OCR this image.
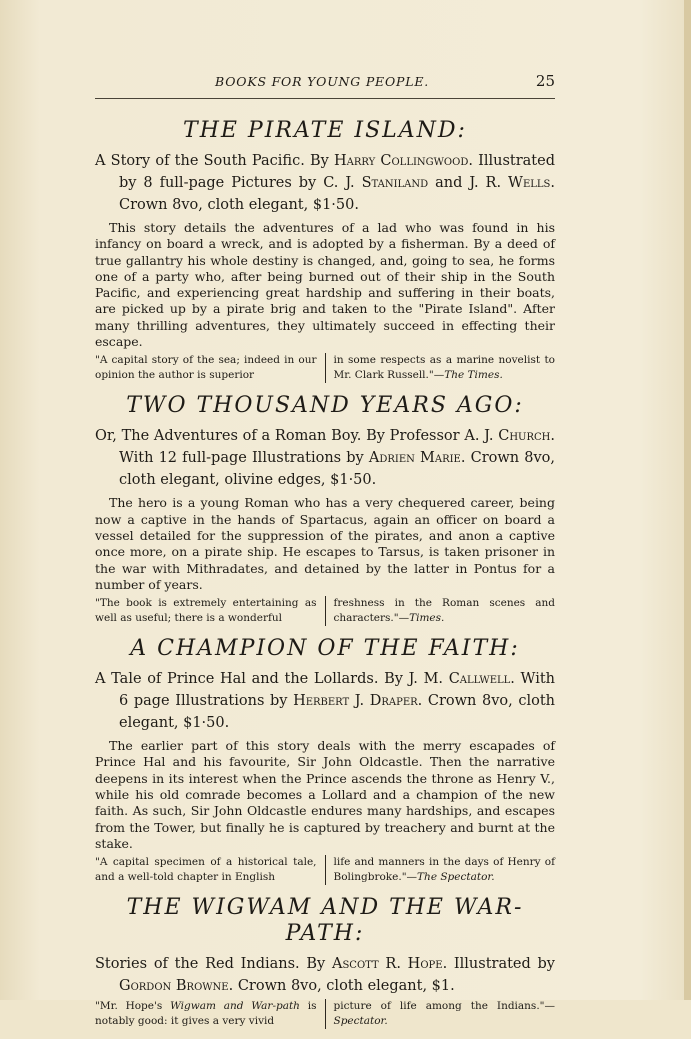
BOOKS FOR YOUNG PEOPLE.	25
THE PIRATE ISLAND:

A Story of the South Pacific. By Harry Collingwood. Illustrated by 8 full-page Pictures by C. J. Staniland and J. R. Wells. Crown 8vo, cloth elegant, $1·50.

This story details the adventures of a lad who was found in his infancy on board a wreck, and is adopted by a fisherman. By a deed of true gallantry his whole destiny is changed, and, going to sea, he forms one of a party who, after being burned out of their ship in the South Pacific, and experiencing great hardship and suffering in their boats, are picked up by a pirate brig and taken to the "Pirate Island". After many thrilling adventures, they ultimately succeed in effecting their escape.

"A capital story of the sea; indeed in our opinion the author is superior
in some respects as a marine novelist to Mr. Clark Russell."—The Times.
TWO THOUSAND YEARS AGO:

Or, The Adventures of a Roman Boy. By Professor A. J. Church. With 12 full-page Illustrations by Adrien Marie. Crown 8vo, cloth elegant, olivine edges, $1·50.

The hero is a young Roman who has a very chequered career, being now a captive in the hands of Spartacus, again an officer on board a vessel detailed for the suppression of the pirates, and anon a captive once more, on a pirate ship. He escapes to Tarsus, is taken prisoner in the war with Mithradates, and detained by the latter in Pontus for a number of years.

"The book is extremely entertaining as well as useful; there is a wonderful
freshness in the Roman scenes and characters."—Times.
A CHAMPION OF THE FAITH:

A Tale of Prince Hal and the Lollards. By J. M. Callwell. With 6 page Illustrations by Herbert J. Draper. Crown 8vo, cloth elegant, $1·50.

The earlier part of this story deals with the merry escapades of Prince Hal and his favourite, Sir John Oldcastle. Then the narrative deepens in its interest when the Prince ascends the throne as Henry V., while his old comrade becomes a Lollard and a champion of the new faith. As such, Sir John Oldcastle endures many hardships, and escapes from the Tower, but finally he is captured by treachery and burnt at the stake.

"A capital specimen of a historical tale, and a well-told chapter in English
life and manners in the days of Henry of Bolingbroke."—The Spectator.
THE WIGWAM AND THE WAR-PATH:

Stories of the Red Indians. By Ascott R. Hope. Illustrated by Gordon Browne. Crown 8vo, cloth elegant, $1.

"Mr. Hope's Wigwam and War-path is notably good: it gives a very vivid
picture of life among the Indians."—Spectator.
